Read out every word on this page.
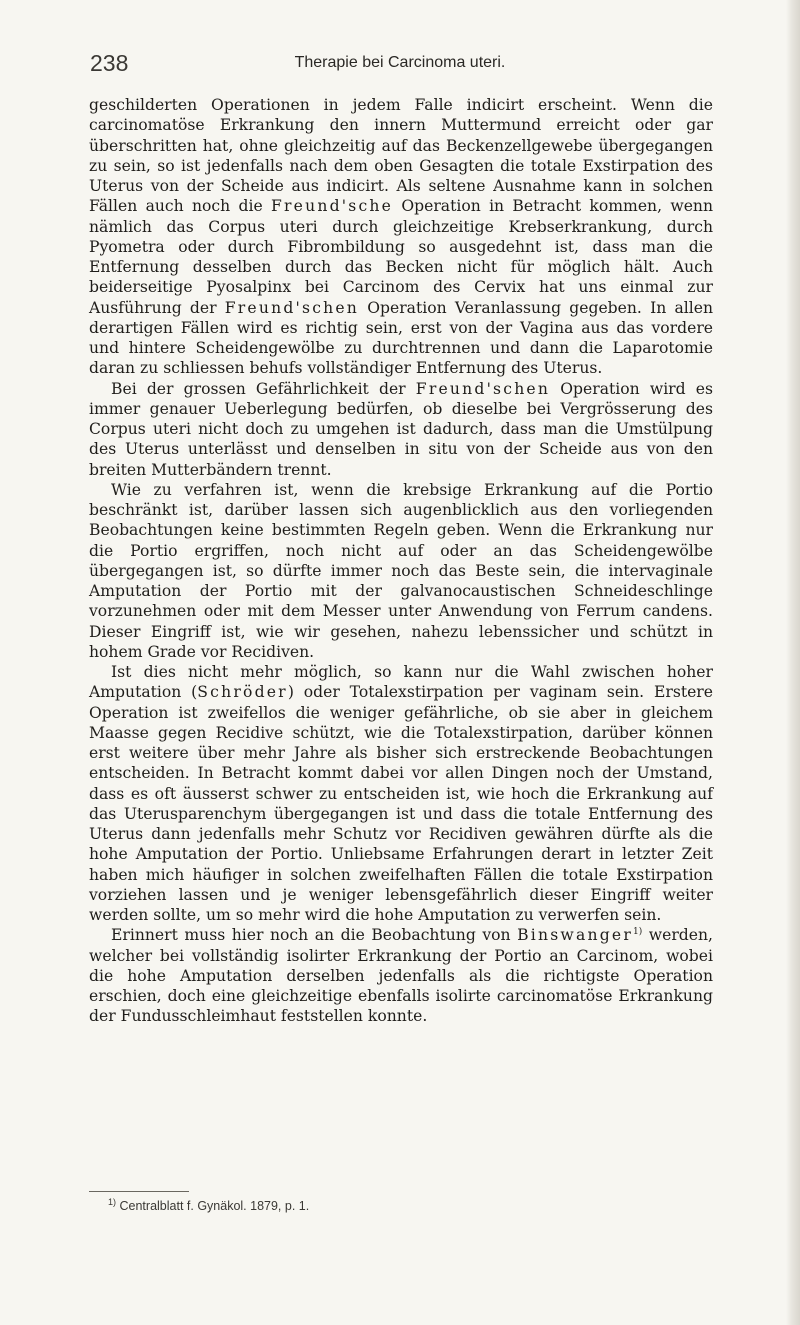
238	Therapie bei Carcinoma uteri.

geschilderten Operationen in jedem Falle indicirt erscheint. Wenn die carcinomatöse Erkrankung den innern Muttermund erreicht oder gar überschritten hat, ohne gleichzeitig auf das Beckenzellgewebe übergegangen zu sein, so ist jedenfalls nach dem oben Gesagten die totale Exstirpation des Uterus von der Scheide aus indicirt. Als seltene Ausnahme kann in solchen Fällen auch noch die Freund'sche Operation in Betracht kommen, wenn nämlich das Corpus uteri durch gleichzeitige Krebserkrankung, durch Pyometra oder durch Fibrombildung so ausgedehnt ist, dass man die Entfernung desselben durch das Becken nicht für möglich hält. Auch beiderseitige Pyosalpinx bei Carcinom des Cervix hat uns einmal zur Ausführung der Freund'schen Operation Veranlassung gegeben. In allen derartigen Fällen wird es richtig sein, erst von der Vagina aus das vordere und hintere Scheidengewölbe zu durchtrennen und dann die Laparotomie daran zu schliessen behufs vollständiger Entfernung des Uterus.

Bei der grossen Gefährlichkeit der Freund'schen Operation wird es immer genauer Ueberlegung bedürfen, ob dieselbe bei Vergrösserung des Corpus uteri nicht doch zu umgehen ist dadurch, dass man die Umstülpung des Uterus unterlässt und denselben in situ von der Scheide aus von den breiten Mutterbändern trennt.

Wie zu verfahren ist, wenn die krebsige Erkrankung auf die Portio beschränkt ist, darüber lassen sich augenblicklich aus den vorliegenden Beobachtungen keine bestimmten Regeln geben. Wenn die Erkrankung nur die Portio ergriffen, noch nicht auf oder an das Scheidengewölbe übergegangen ist, so dürfte immer noch das Beste sein, die intervaginale Amputation der Portio mit der galvanocaustischen Schneideschlinge vorzunehmen oder mit dem Messer unter Anwendung von Ferrum candens. Dieser Eingriff ist, wie wir gesehen, nahezu lebenssicher und schützt in hohem Grade vor Recidiven.

Ist dies nicht mehr möglich, so kann nur die Wahl zwischen hoher Amputation (Schröder) oder Totalexstirpation per vaginam sein. Erstere Operation ist zweifellos die weniger gefährliche, ob sie aber in gleichem Maasse gegen Recidive schützt, wie die Totalexstirpation, darüber können erst weitere über mehr Jahre als bisher sich erstreckende Beobachtungen entscheiden. In Betracht kommt dabei vor allen Dingen noch der Umstand, dass es oft äusserst schwer zu entscheiden ist, wie hoch die Erkrankung auf das Uterusparenchym übergegangen ist und dass die totale Entfernung des Uterus dann jedenfalls mehr Schutz vor Recidiven gewähren dürfte als die hohe Amputation der Portio. Unliebsame Erfahrungen derart in letzter Zeit haben mich häufiger in solchen zweifelhaften Fällen die totale Exstirpation vorziehen lassen und je weniger lebensgefährlich dieser Eingriff weiter werden sollte, um so mehr wird die hohe Amputation zu verwerfen sein.

Erinnert muss hier noch an die Beobachtung von Binswanger$^{1)}$ werden, welcher bei vollständig isolirter Erkrankung der Portio an Carcinom, wobei die hohe Amputation derselben jedenfalls als die richtigste Operation erschien, doch eine gleichzeitige ebenfalls isolirte carcinomatöse Erkrankung der Fundusschleimhaut feststellen konnte.

$^{1)}$ Centralblatt f. Gynäkol. 1879, p. 1.
